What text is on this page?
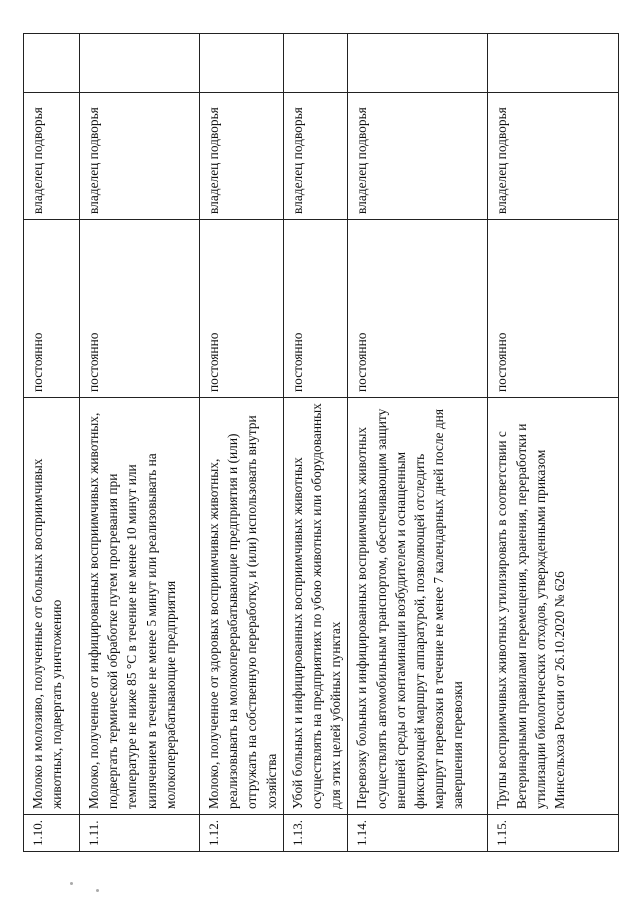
1.10.	Молоко и молозиво, полученные от больных восприимчивых животных, подвергать уничтожению	постоянно	владелец подворья	
1.11.	Молоко, полученное от инфицированных восприимчивых животных, подвергать термической обработке путем прогревания при температуре не ниже 85 °С в течение не менее 10 минут или кипячением в течение не менее 5 минут или реализовывать на молокоперерабатывающие предприятия	постоянно	владелец подворья	
1.12.	Молоко, полученное от здоровых восприимчивых животных, реализовывать на молокоперерабатывающие предприятия и (или) отгружать на собственную переработку, и (или) использовать внутри хозяйства	постоянно	владелец подворья	
1.13.	Убой больных и инфицированных восприимчивых животных осуществлять на предприятиях по убою животных или оборудованных для этих целей убойных пунктах	постоянно	владелец подворья	
1.14.	Перевозку больных и инфицированных восприимчивых животных осуществлять автомобильным транспортом, обеспечивающим защиту внешней среды от контаминации возбудителем и оснащенным фиксирующей маршрут аппаратурой, позволяющей отследить маршрут перевозки в течение не менее 7 календарных дней после дня завершения перевозки	постоянно	владелец подворья	
1.15.	Трупы восприимчивых животных утилизировать в соответствии с Ветеринарными правилами перемещения, хранения, переработки и утилизации биологических отходов, утвержденными приказом Минсельхоза России от 26.10.2020 № 626	постоянно	владелец подворья	
